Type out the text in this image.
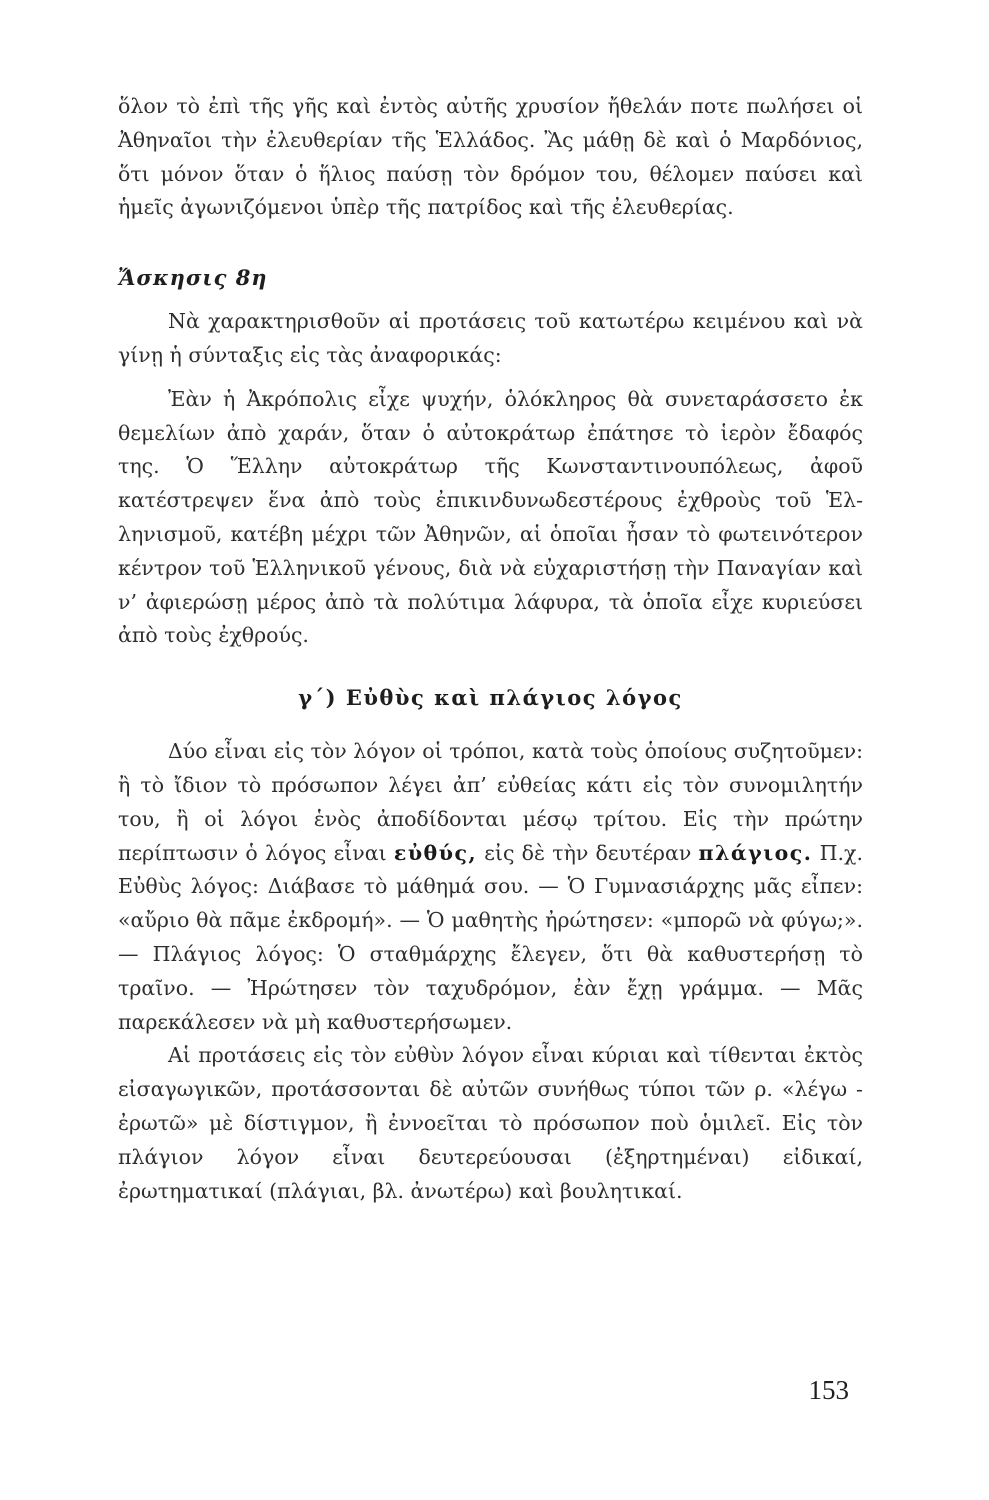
ὅλον τὸ ἐπὶ τῆς γῆς καὶ ἐντὸς αὐτῆς χρυσίον ἤθελάν ποτε πωλήσει οἱ Ἀθηναῖοι τὴν ἐλευθερίαν τῆς Ἑλλάδος. Ἂς μάθῃ δὲ καὶ ὁ Μαρδόνιος, ὅτι μόνον ὅταν ὁ ἥλιος παύσῃ τὸν δρόμον του, θέλομεν παύσει καὶ ἡμεῖς ἀγωνιζόμενοι ὑπὲρ τῆς πατρίδος καὶ τῆς ἐλευθερίας.

Ἄσκησις 8η

Νὰ χαρακτηρισθοῦν αἱ προτάσεις τοῦ κατωτέρω κειμένου καὶ νὰ γίνῃ ἡ σύνταξις εἰς τὰς ἀναφορικάς:

Ἐὰν ἡ Ἀκρόπολις εἶχε ψυχήν, ὁλόκληρος θὰ συνεταράσσετο ἐκ θεμελίων ἀπὸ χαράν, ὅταν ὁ αὐτοκράτωρ ἐπάτησε τὸ ἱερὸν ἔδαφός της. Ὁ Ἕλλην αὐτοκράτωρ τῆς Κωνσταντινουπόλεως, ἀφοῦ κατέστρεψεν ἕνα ἀπὸ τοὺς ἐπικινδυνωδεστέρους ἐχθροὺς τοῦ Ἑλληνισμοῦ, κατέβη μέχρι τῶν Ἀθηνῶν, αἱ ὁποῖαι ἦσαν τὸ φωτεινότερον κέντρον τοῦ Ἑλληνικοῦ γένους, διὰ νὰ εὐχαριστήσῃ τὴν Παναγίαν καὶ ν’ ἀφιερώσῃ μέρος ἀπὸ τὰ πολύτιμα λάφυρα, τὰ ὁποῖα εἶχε κυριεύσει ἀπὸ τοὺς ἐχθρούς.

γ΄) Εὐθὺς καὶ πλάγιος λόγος

Δύο εἶναι εἰς τὸν λόγον οἱ τρόποι, κατὰ τοὺς ὁποίους συζητοῦμεν: ἢ τὸ ἴδιον τὸ πρόσωπον λέγει ἀπ’ εὐθείας κάτι εἰς τὸν συνομιλητήν του, ἢ οἱ λόγοι ἑνὸς ἀποδίδονται μέσῳ τρίτου. Εἰς τὴν πρώτην περίπτωσιν ὁ λόγος εἶναι εὐθύς, εἰς δὲ τὴν δευτέραν πλάγιος. Π.χ. Εὐθὺς λόγος: Διάβασε τὸ μάθημά σου. — Ὁ Γυμνασιάρχης μᾶς εἶπεν: «αὔριο θὰ πᾶμε ἐκδρομή». — Ὁ μαθητὴς ἠρώτησεν: «μπορῶ νὰ φύγω;». — Πλάγιος λόγος: Ὁ σταθμάρχης ἔλεγεν, ὅτι θὰ καθυστερήσῃ τὸ τραῖνο. — Ἠρώτησεν τὸν ταχυδρόμον, ἐὰν ἔχῃ γράμμα. — Μᾶς παρεκάλεσεν νὰ μὴ καθυστερήσωμεν.

Αἱ προτάσεις εἰς τὸν εὐθὺν λόγον εἶναι κύριαι καὶ τίθενται ἐκτὸς εἰσαγωγικῶν, προτάσσονται δὲ αὐτῶν συνήθως τύποι τῶν ρ. «λέγω - ἐρωτῶ» μὲ δίστιγμον, ἢ ἐννοεῖται τὸ πρόσωπον ποὺ ὁμιλεῖ. Εἰς τὸν πλάγιον λόγον εἶναι δευτερεύουσαι (ἐξηρτημέναι) εἰδικαί, ἐρωτηματικαί (πλάγιαι, βλ. ἀνωτέρω) καὶ βουλητικαί.

153
